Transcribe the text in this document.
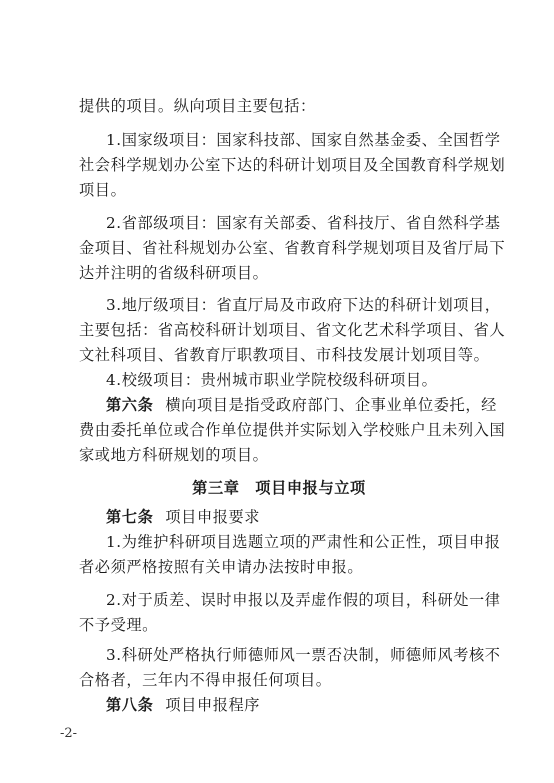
提供的项目。纵向项目主要包括：
1.国家级项目：国家科技部、国家自然基金委、全国哲学
社会科学规划办公室下达的科研计划项目及全国教育科学规划
项目。
2.省部级项目：国家有关部委、省科技厅、省自然科学基
金项目、省社科规划办公室、省教育科学规划项目及省厅局下
达并注明的省级科研项目。
3.地厅级项目：省直厅局及市政府下达的科研计划项目，
主要包括：省高校科研计划项目、省文化艺术科学项目、省人
文社科项目、省教育厅职教项目、市科技发展计划项目等。
4.校级项目：贵州城市职业学院校级科研项目。
第六条 横向项目是指受政府部门、企事业单位委托，经
费由委托单位或合作单位提供并实际划入学校账户且未列入国
家或地方科研规划的项目。
第三章　项目申报与立项
第七条 项目申报要求
1.为维护科研项目选题立项的严肃性和公正性，项目申报
者必须严格按照有关申请办法按时申报。
2.对于质差、误时申报以及弄虚作假的项目，科研处一律
不予受理。
3.科研处严格执行师德师风一票否决制，师德师风考核不
合格者，三年内不得申报任何项目。
第八条 项目申报程序
-2-
